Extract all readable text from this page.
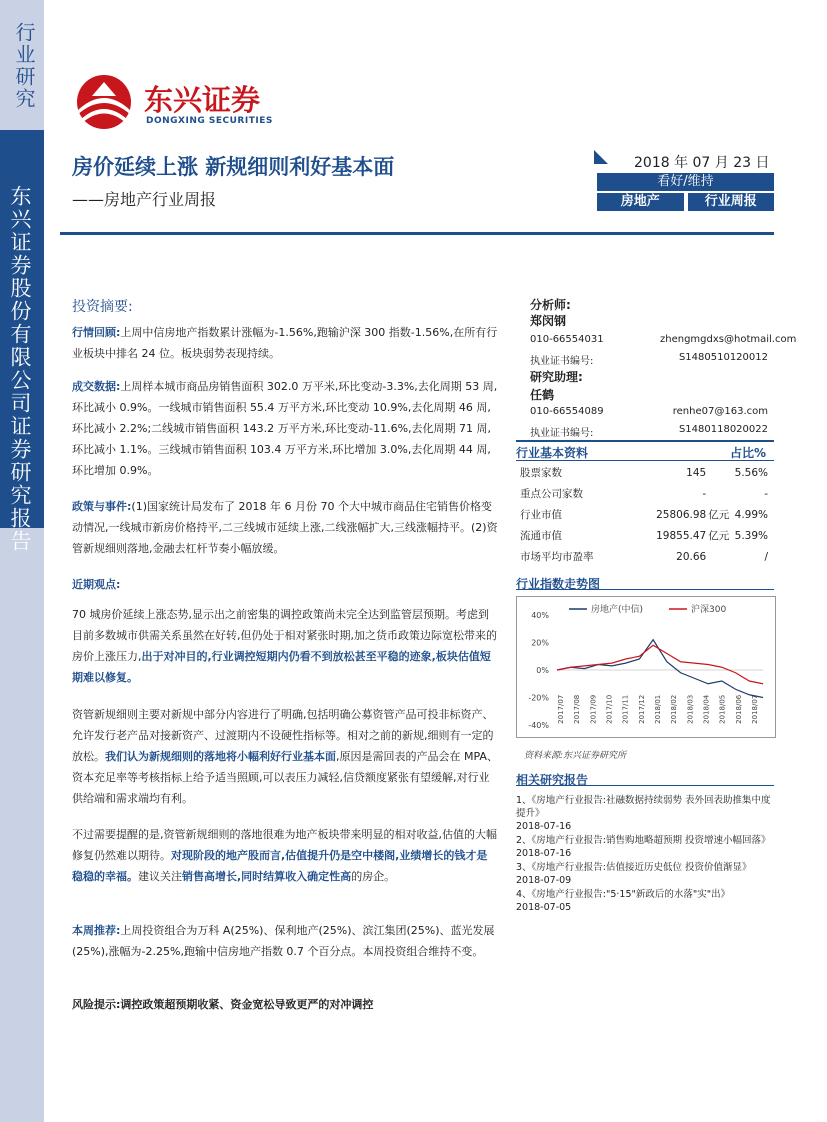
行业研究
东兴证券股份有限公司证券研究报告
东兴证券
DONGXING SECURITIES
房价延续上涨 新规细则利好基本面
——房地产行业周报
2018 年 07 月 23 日
看好/维持
房地产	行业周报
投资摘要:
行情回顾:上周中信房地产指数累计涨幅为-1.56%,跑输沪深 300 指数-1.56%,在所有行业板块中排名 24 位。板块弱势表现持续。
成交数据:上周样本城市商品房销售面积 302.0 万平米,环比变动-3.3%,去化周期 53 周,环比减小 0.9%。一线城市销售面积 55.4 万平方米,环比变动 10.9%,去化周期 46 周,环比减小 2.2%;二线城市销售面积 143.2 万平方米,环比变动-11.6%,去化周期 71 周,环比减小 1.1%。三线城市销售面积 103.4 万平方米,环比增加 3.0%,去化周期 44 周,环比增加 0.9%。
政策与事件:(1)国家统计局发布了 2018 年 6 月份 70 个大中城市商品住宅销售价格变动情况,一线城市新房价格持平,二三线城市延续上涨,二线涨幅扩大,三线涨幅持平。(2)资管新规细则落地,金融去杠杆节奏小幅放缓。
近期观点:
70 城房价延续上涨态势,显示出之前密集的调控政策尚未完全达到监管层预期。考虑到目前多数城市供需关系虽然在好转,但仍处于相对紧张时期,加之货币政策边际宽松带来的房价上涨压力,出于对冲目的,行业调控短期内仍看不到放松甚至平稳的迹象,板块估值短期难以修复。
资管新规细则主要对新规中部分内容进行了明确,包括明确公募资管产品可投非标资产、允许发行老产品对接新资产、过渡期内不设硬性指标等。相对之前的新规,细则有一定的放松。我们认为新规细则的落地将小幅利好行业基本面,原因是需回表的产品会在 MPA、资本充足率等考核指标上给予适当照顾,可以表压力减轻,信贷额度紧张有望缓解,对行业供给端和需求端均有利。
不过需要提醒的是,资管新规细则的落地很难为地产板块带来明显的相对收益,估值的大幅修复仍然难以期待。对现阶段的地产股而言,估值提升仍是空中楼阁,业绩增长的钱才是稳稳的幸福。建议关注销售高增长,同时结算收入确定性高的房企。
本周推荐:上周投资组合为万科 A(25%)、保利地产(25%)、滨江集团(25%)、蓝光发展(25%),涨幅为-2.25%,跑输中信房地产指数 0.7 个百分点。本周投资组合维持不变。
风险提示:调控政策超预期收紧、资金宽松导致更严的对冲调控
分析师:
郑闵钢
010-66554031	zhengmgdxs@hotmail.com
执业证书编号:	S1480510120012
研究助理:
任鹤
010-66554089	renhe07@163.com
执业证书编号:	S1480118020022
行业基本资料	占比%
股票家数	145		5.56%
重点公司家数	-		-
行业市值	25806.98	亿元	4.99%
流通市值	19855.47	亿元	5.39%
市场平均市盈率	20.66		/
行业指数走势图
40%
20%
0%
-20%
-40%
2017/07 2017/08 2017/09 2017/10 2017/11 2017/12 2018/01 2018/02 2018/03 2018/04 2018/05 2018/06 2018/07
房地产(中信)	沪深300
资料来源:东兴证券研究所
相关研究报告
1、《房地产行业报告:社融数据持续弱势 表外回表助推集中度提升》
2018-07-16
2、《房地产行业报告:销售购地略超预期 投资增速小幅回落》
2018-07-16
3、《房地产行业报告:估值接近历史低位 投资价值渐显》
2018-07-09
4、《房地产行业报告:"5·15"新政后的水落"实"出》
2018-07-05
